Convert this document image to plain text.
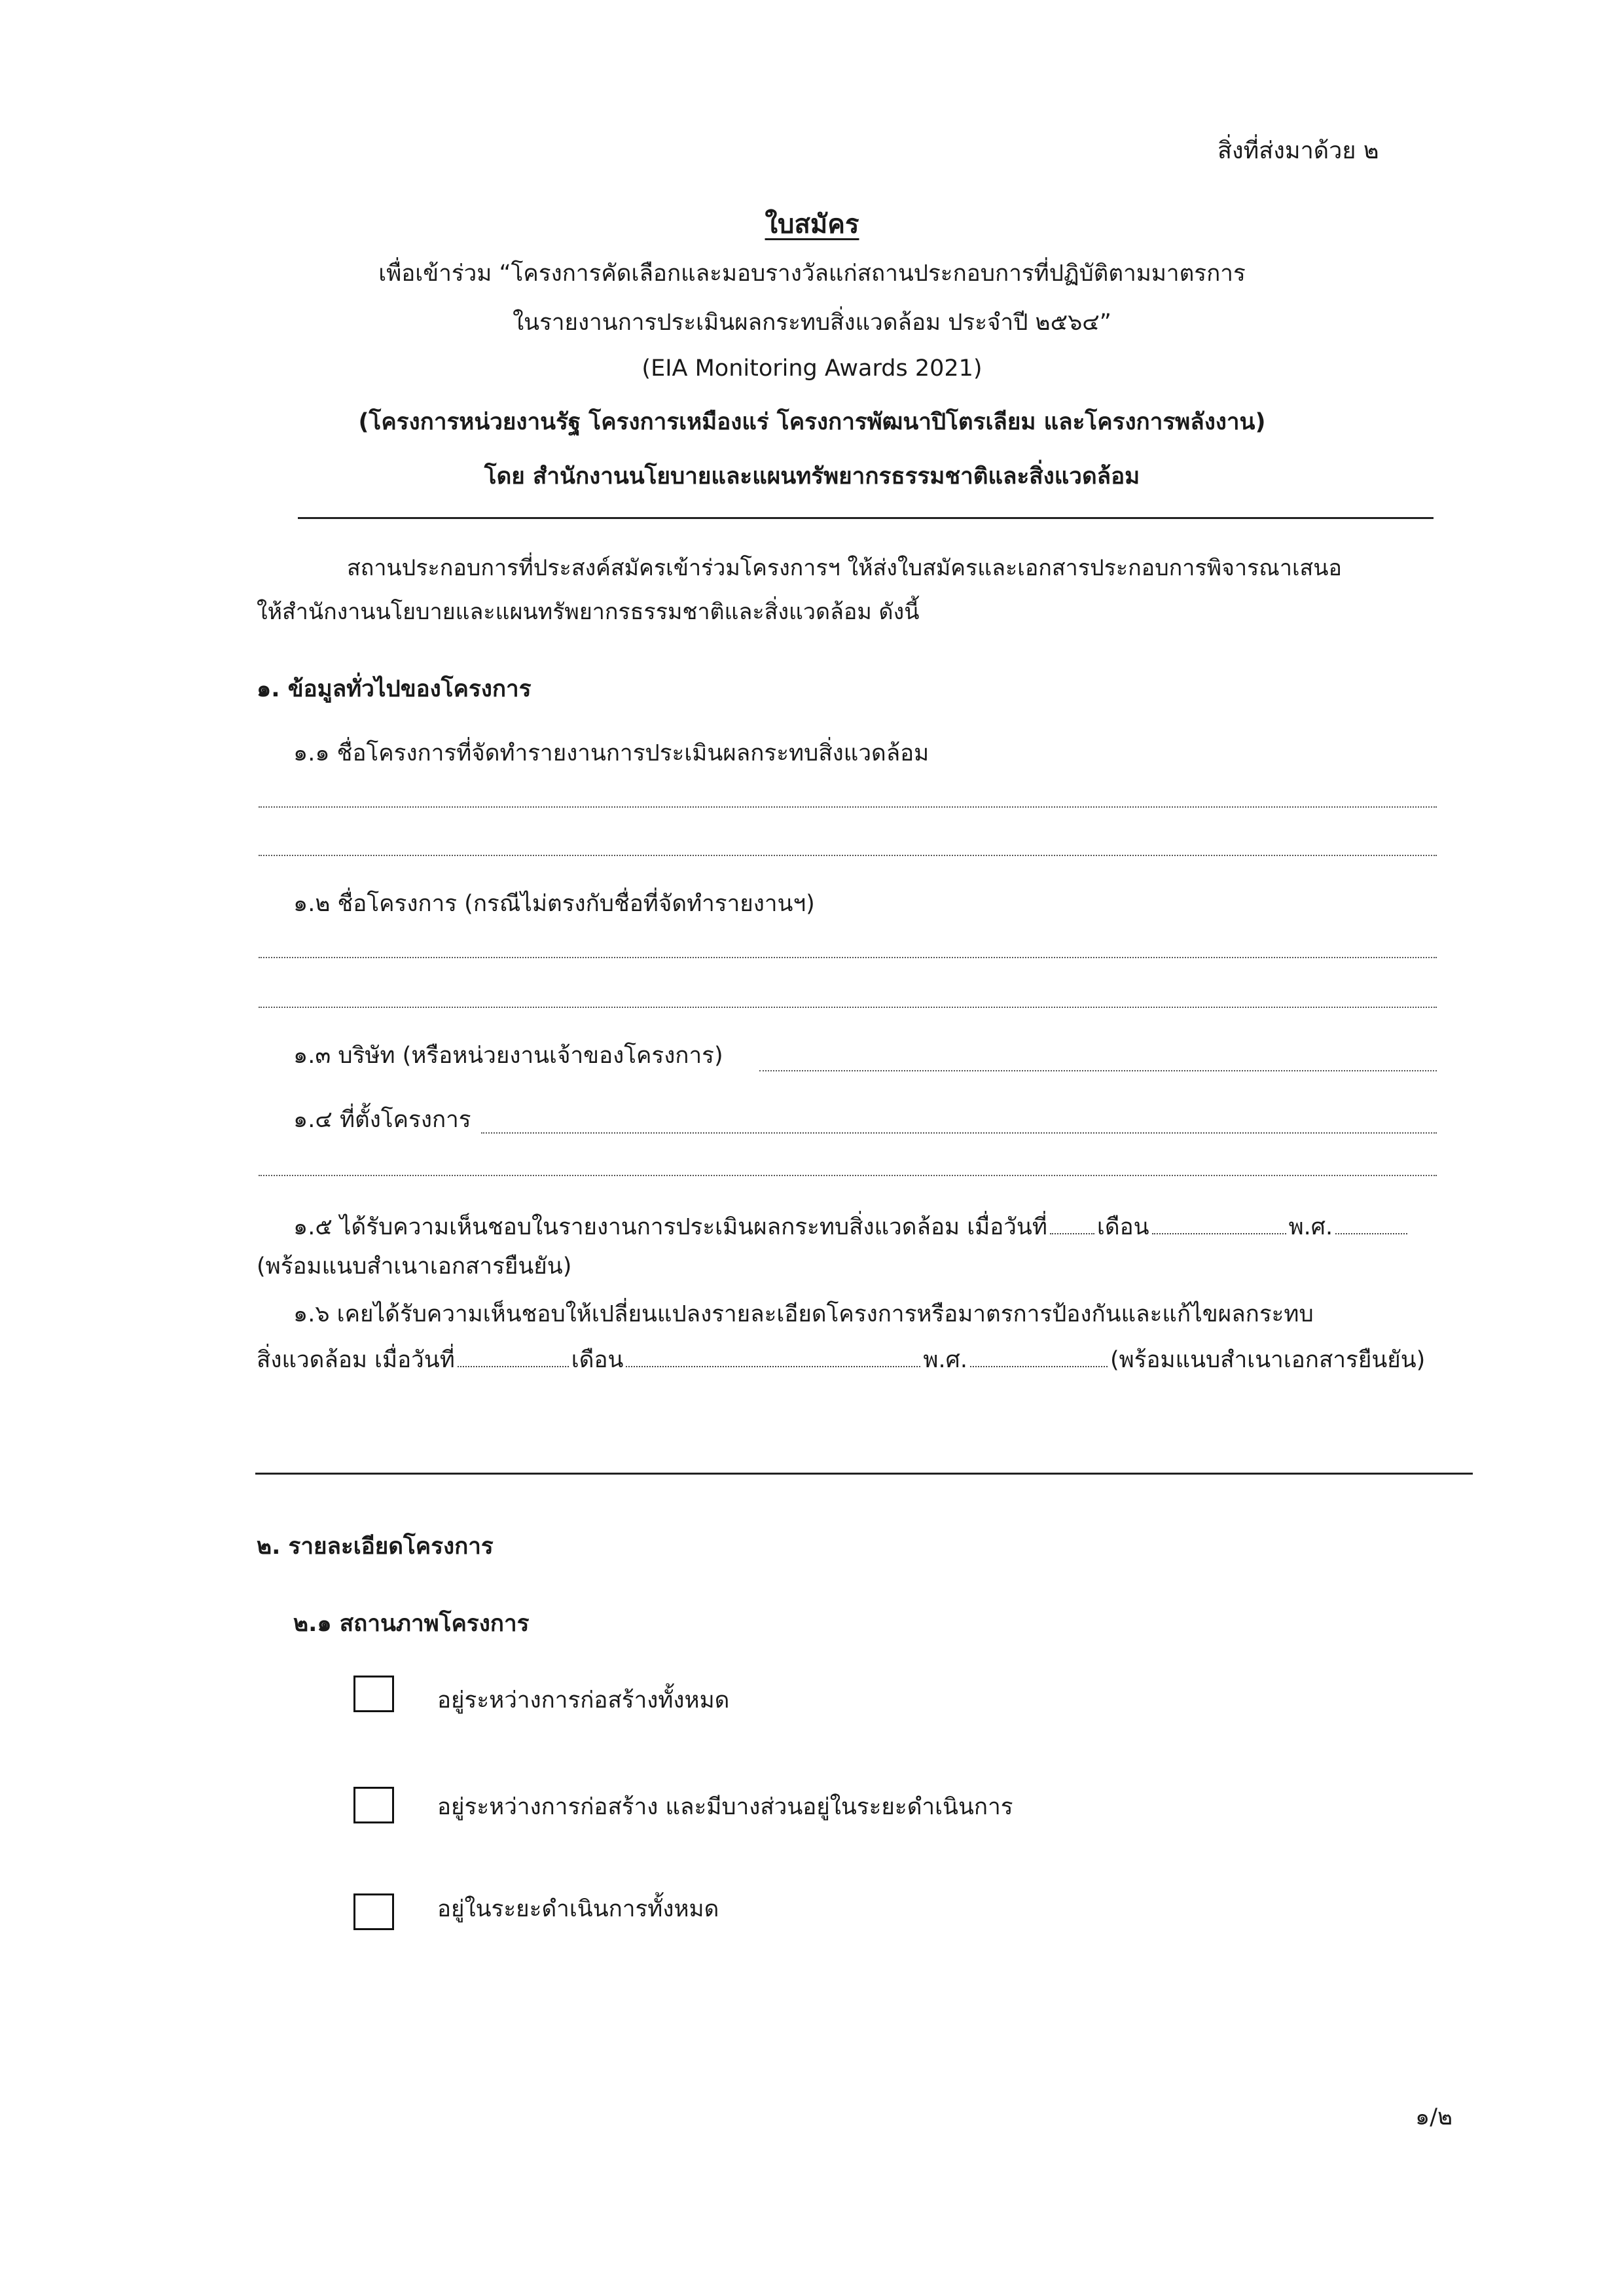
สิ่งที่ส่งมาด้วย ๒
ใบสมัคร
เพื่อเข้าร่วม “โครงการคัดเลือกและมอบรางวัลแก่สถานประกอบการที่ปฏิบัติตามมาตรการ
ในรายงานการประเมินผลกระทบสิ่งแวดล้อม ประจำปี ๒๕๖๔”
(EIA Monitoring Awards 2021)
(โครงการหน่วยงานรัฐ โครงการเหมืองแร่ โครงการพัฒนาปิโตรเลียม และโครงการพลังงาน)
โดย สำนักงานนโยบายและแผนทรัพยากรธรรมชาติและสิ่งแวดล้อม
สถานประกอบการที่ประสงค์สมัครเข้าร่วมโครงการฯ ให้ส่งใบสมัครและเอกสารประกอบการพิจารณาเสนอ
ให้สำนักงานนโยบายและแผนทรัพยากรธรรมชาติและสิ่งแวดล้อม ดังนี้
๑. ข้อมูลทั่วไปของโครงการ
๑.๑ ชื่อโครงการที่จัดทำรายงานการประเมินผลกระทบสิ่งแวดล้อม
๑.๒ ชื่อโครงการ (กรณีไม่ตรงกับชื่อที่จัดทำรายงานฯ)
๑.๓ บริษัท (หรือหน่วยงานเจ้าของโครงการ)
๑.๔ ที่ตั้งโครงการ
๑.๕ ได้รับความเห็นชอบในรายงานการประเมินผลกระทบสิ่งแวดล้อม เมื่อวันที่ เดือน	พ.ศ.
(พร้อมแนบสำเนาเอกสารยืนยัน)
๑.๖ เคยได้รับความเห็นชอบให้เปลี่ยนแปลงรายละเอียดโครงการหรือมาตรการป้องกันและแก้ไขผลกระทบ
สิ่งแวดล้อม เมื่อวันที่	เดือน	พ.ศ.	(พร้อมแนบสำเนาเอกสารยืนยัน)
๒. รายละเอียดโครงการ
๒.๑ สถานภาพโครงการ
อยู่ระหว่างการก่อสร้างทั้งหมด
อยู่ระหว่างการก่อสร้าง และมีบางส่วนอยู่ในระยะดำเนินการ
อยู่ในระยะดำเนินการทั้งหมด
๑/๒
